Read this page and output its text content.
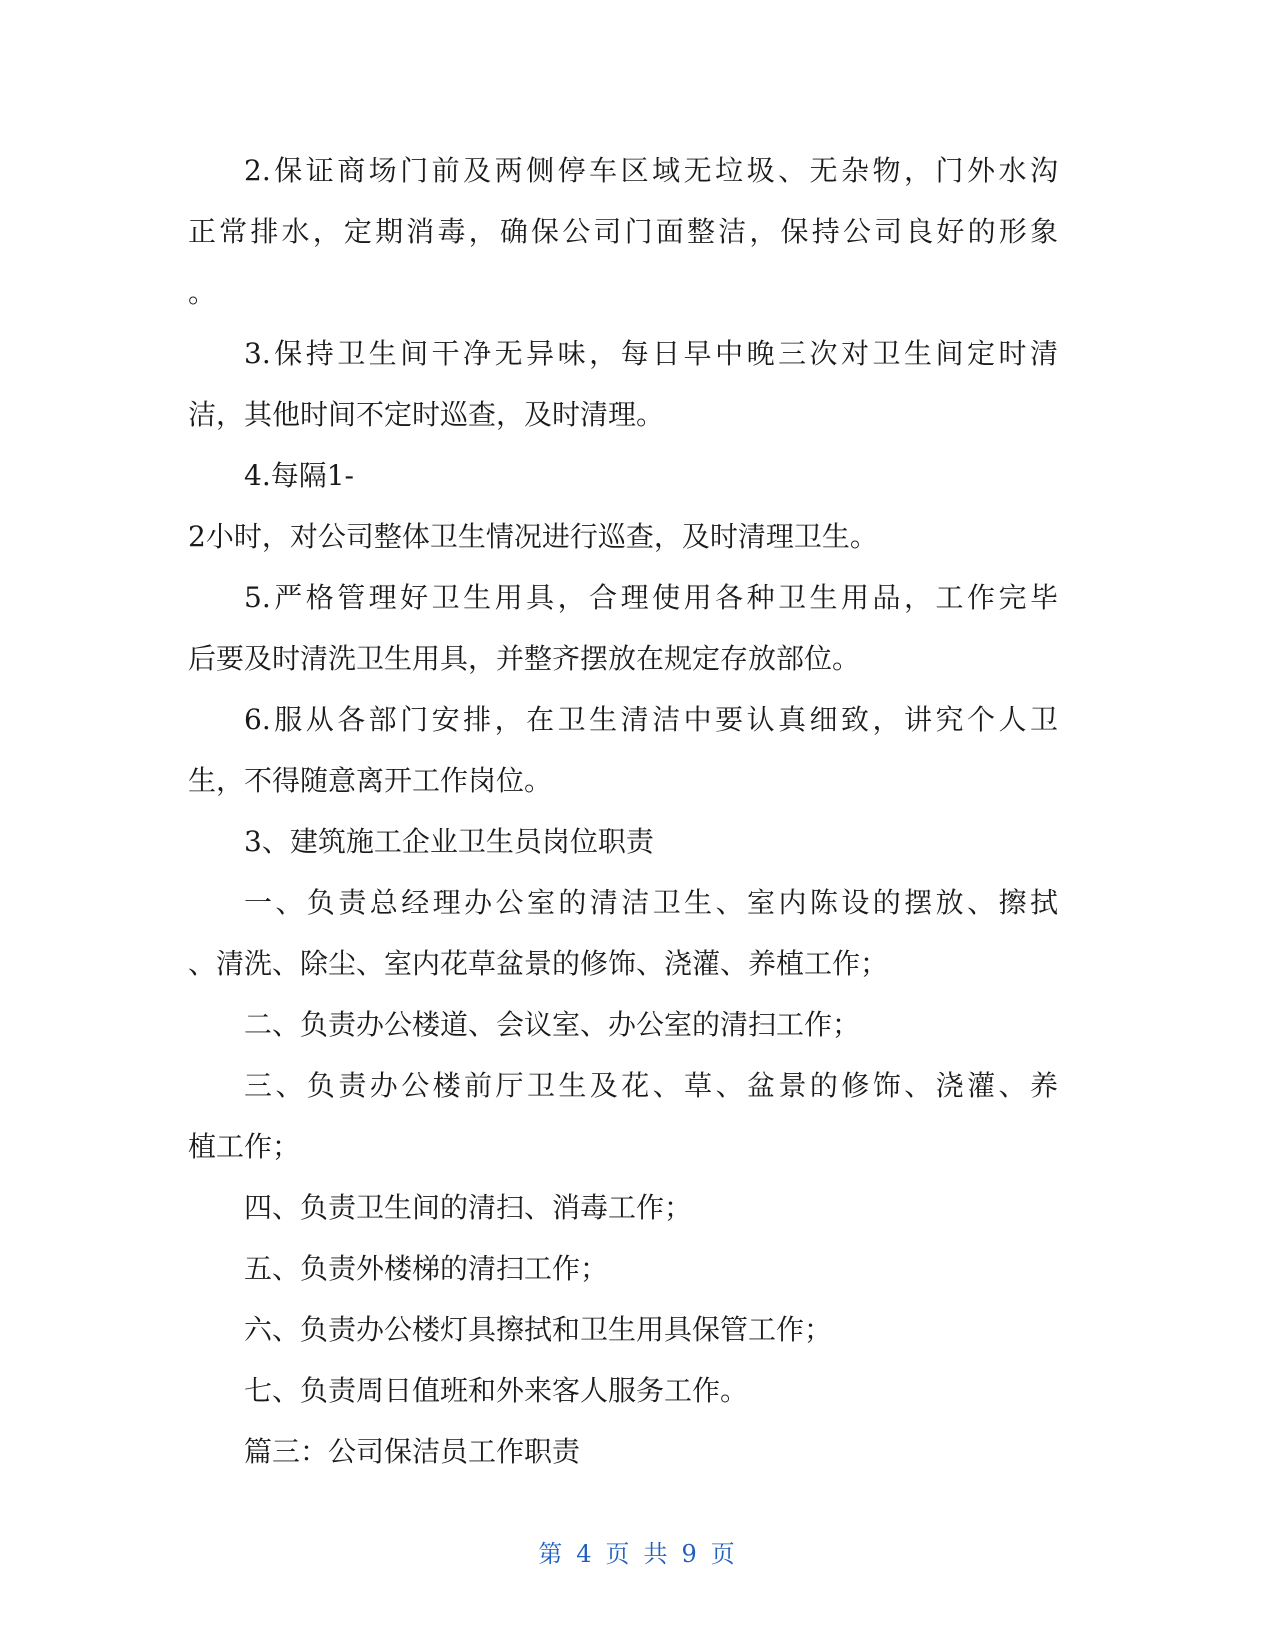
2.保证商场门前及两侧停车区域无垃圾、无杂物，门外水沟
正常排水，定期消毒，确保公司门面整洁，保持公司良好的形象
。
3.保持卫生间干净无异味，每日早中晚三次对卫生间定时清
洁，其他时间不定时巡查，及时清理。
4.每隔1-
2小时，对公司整体卫生情况进行巡查，及时清理卫生。
5.严格管理好卫生用具，合理使用各种卫生用品，工作完毕
后要及时清洗卫生用具，并整齐摆放在规定存放部位。
6.服从各部门安排，在卫生清洁中要认真细致，讲究个人卫
生，不得随意离开工作岗位。
3、建筑施工企业卫生员岗位职责
一、负责总经理办公室的清洁卫生、室内陈设的摆放、擦拭
、清洗、除尘、室内花草盆景的修饰、浇灌、养植工作；
二、负责办公楼道、会议室、办公室的清扫工作；
三、负责办公楼前厅卫生及花、草、盆景的修饰、浇灌、养
植工作；
四、负责卫生间的清扫、消毒工作；
五、负责外楼梯的清扫工作；
六、负责办公楼灯具擦拭和卫生用具保管工作；
七、负责周日值班和外来客人服务工作。
篇三：公司保洁员工作职责
第 4 页 共 9 页
